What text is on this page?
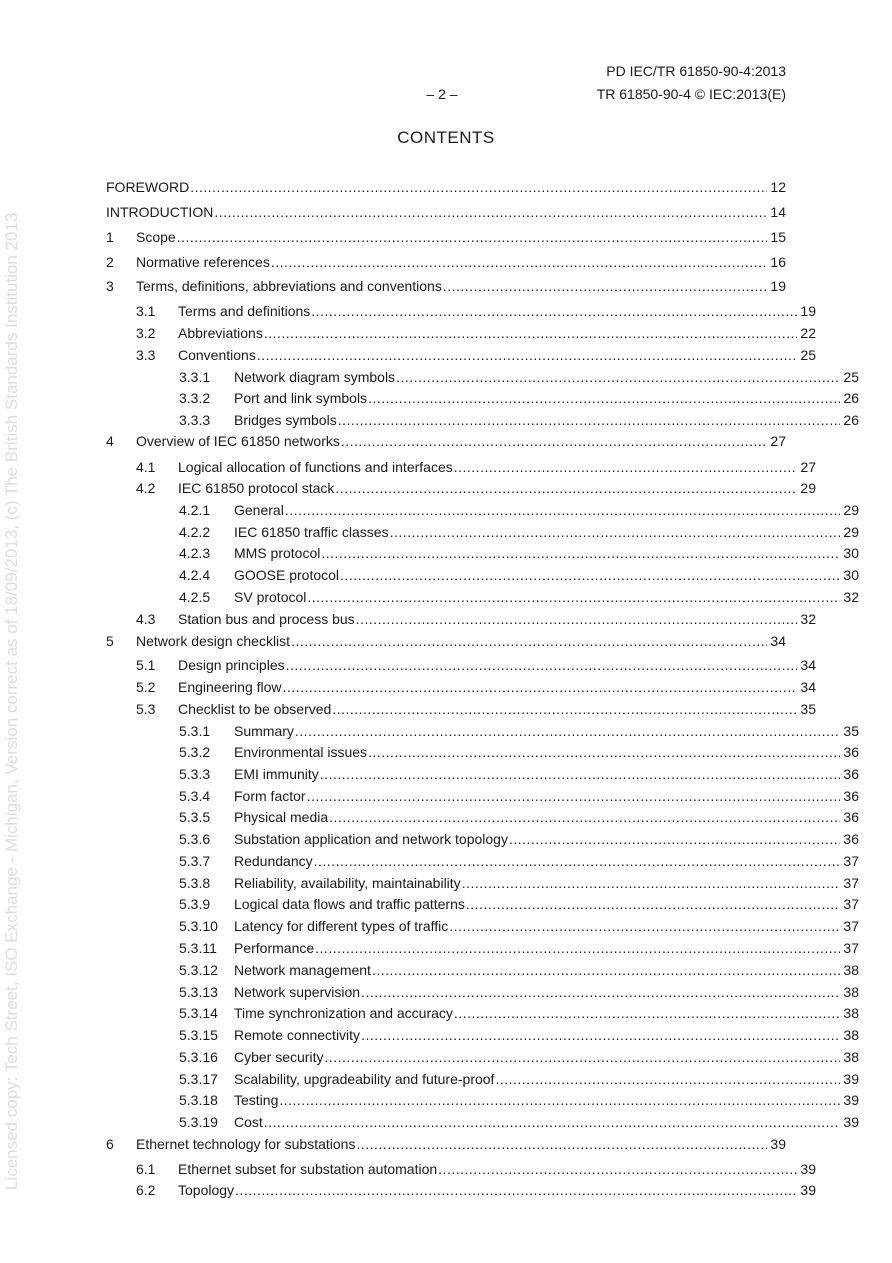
Licensed copy: Tech Street, ISO Exchange - Michigan, Version correct as of 18/09/2013, (c) The British Standards Institution 2013
PD IEC/TR 61850-90-4:2013
– 2 –	TR 61850-90-4 © IEC:2013(E)
CONTENTS
FOREWORD .....	12
INTRODUCTION .....	14
1	Scope .....	15
2	Normative references .....	16
3	Terms, definitions, abbreviations and conventions .....	19
3.1	Terms and definitions .....	19
3.2	Abbreviations .....	22
3.3	Conventions .....	25
3.3.1	Network diagram symbols .....	25
3.3.2	Port and link symbols .....	26
3.3.3	Bridges symbols .....	26
4	Overview of IEC 61850 networks .....	27
4.1	Logical allocation of functions and interfaces .....	27
4.2	IEC 61850 protocol stack .....	29
4.2.1	General .....	29
4.2.2	IEC 61850 traffic classes .....	29
4.2.3	MMS protocol .....	30
4.2.4	GOOSE protocol .....	30
4.2.5	SV protocol .....	32
4.3	Station bus and process bus .....	32
5	Network design checklist .....	34
5.1	Design principles .....	34
5.2	Engineering flow .....	34
5.3	Checklist to be observed .....	35
5.3.1	Summary .....	35
5.3.2	Environmental issues .....	36
5.3.3	EMI immunity .....	36
5.3.4	Form factor .....	36
5.3.5	Physical media .....	36
5.3.6	Substation application and network topology .....	36
5.3.7	Redundancy .....	37
5.3.8	Reliability, availability, maintainability .....	37
5.3.9	Logical data flows and traffic patterns .....	37
5.3.10	Latency for different types of traffic .....	37
5.3.11	Performance .....	37
5.3.12	Network management .....	38
5.3.13	Network supervision .....	38
5.3.14	Time synchronization and accuracy .....	38
5.3.15	Remote connectivity .....	38
5.3.16	Cyber security .....	38
5.3.17	Scalability, upgradeability and future-proof .....	39
5.3.18	Testing .....	39
5.3.19	Cost .....	39
6	Ethernet technology for substations .....	39
6.1	Ethernet subset for substation automation .....	39
6.2	Topology .....	39
